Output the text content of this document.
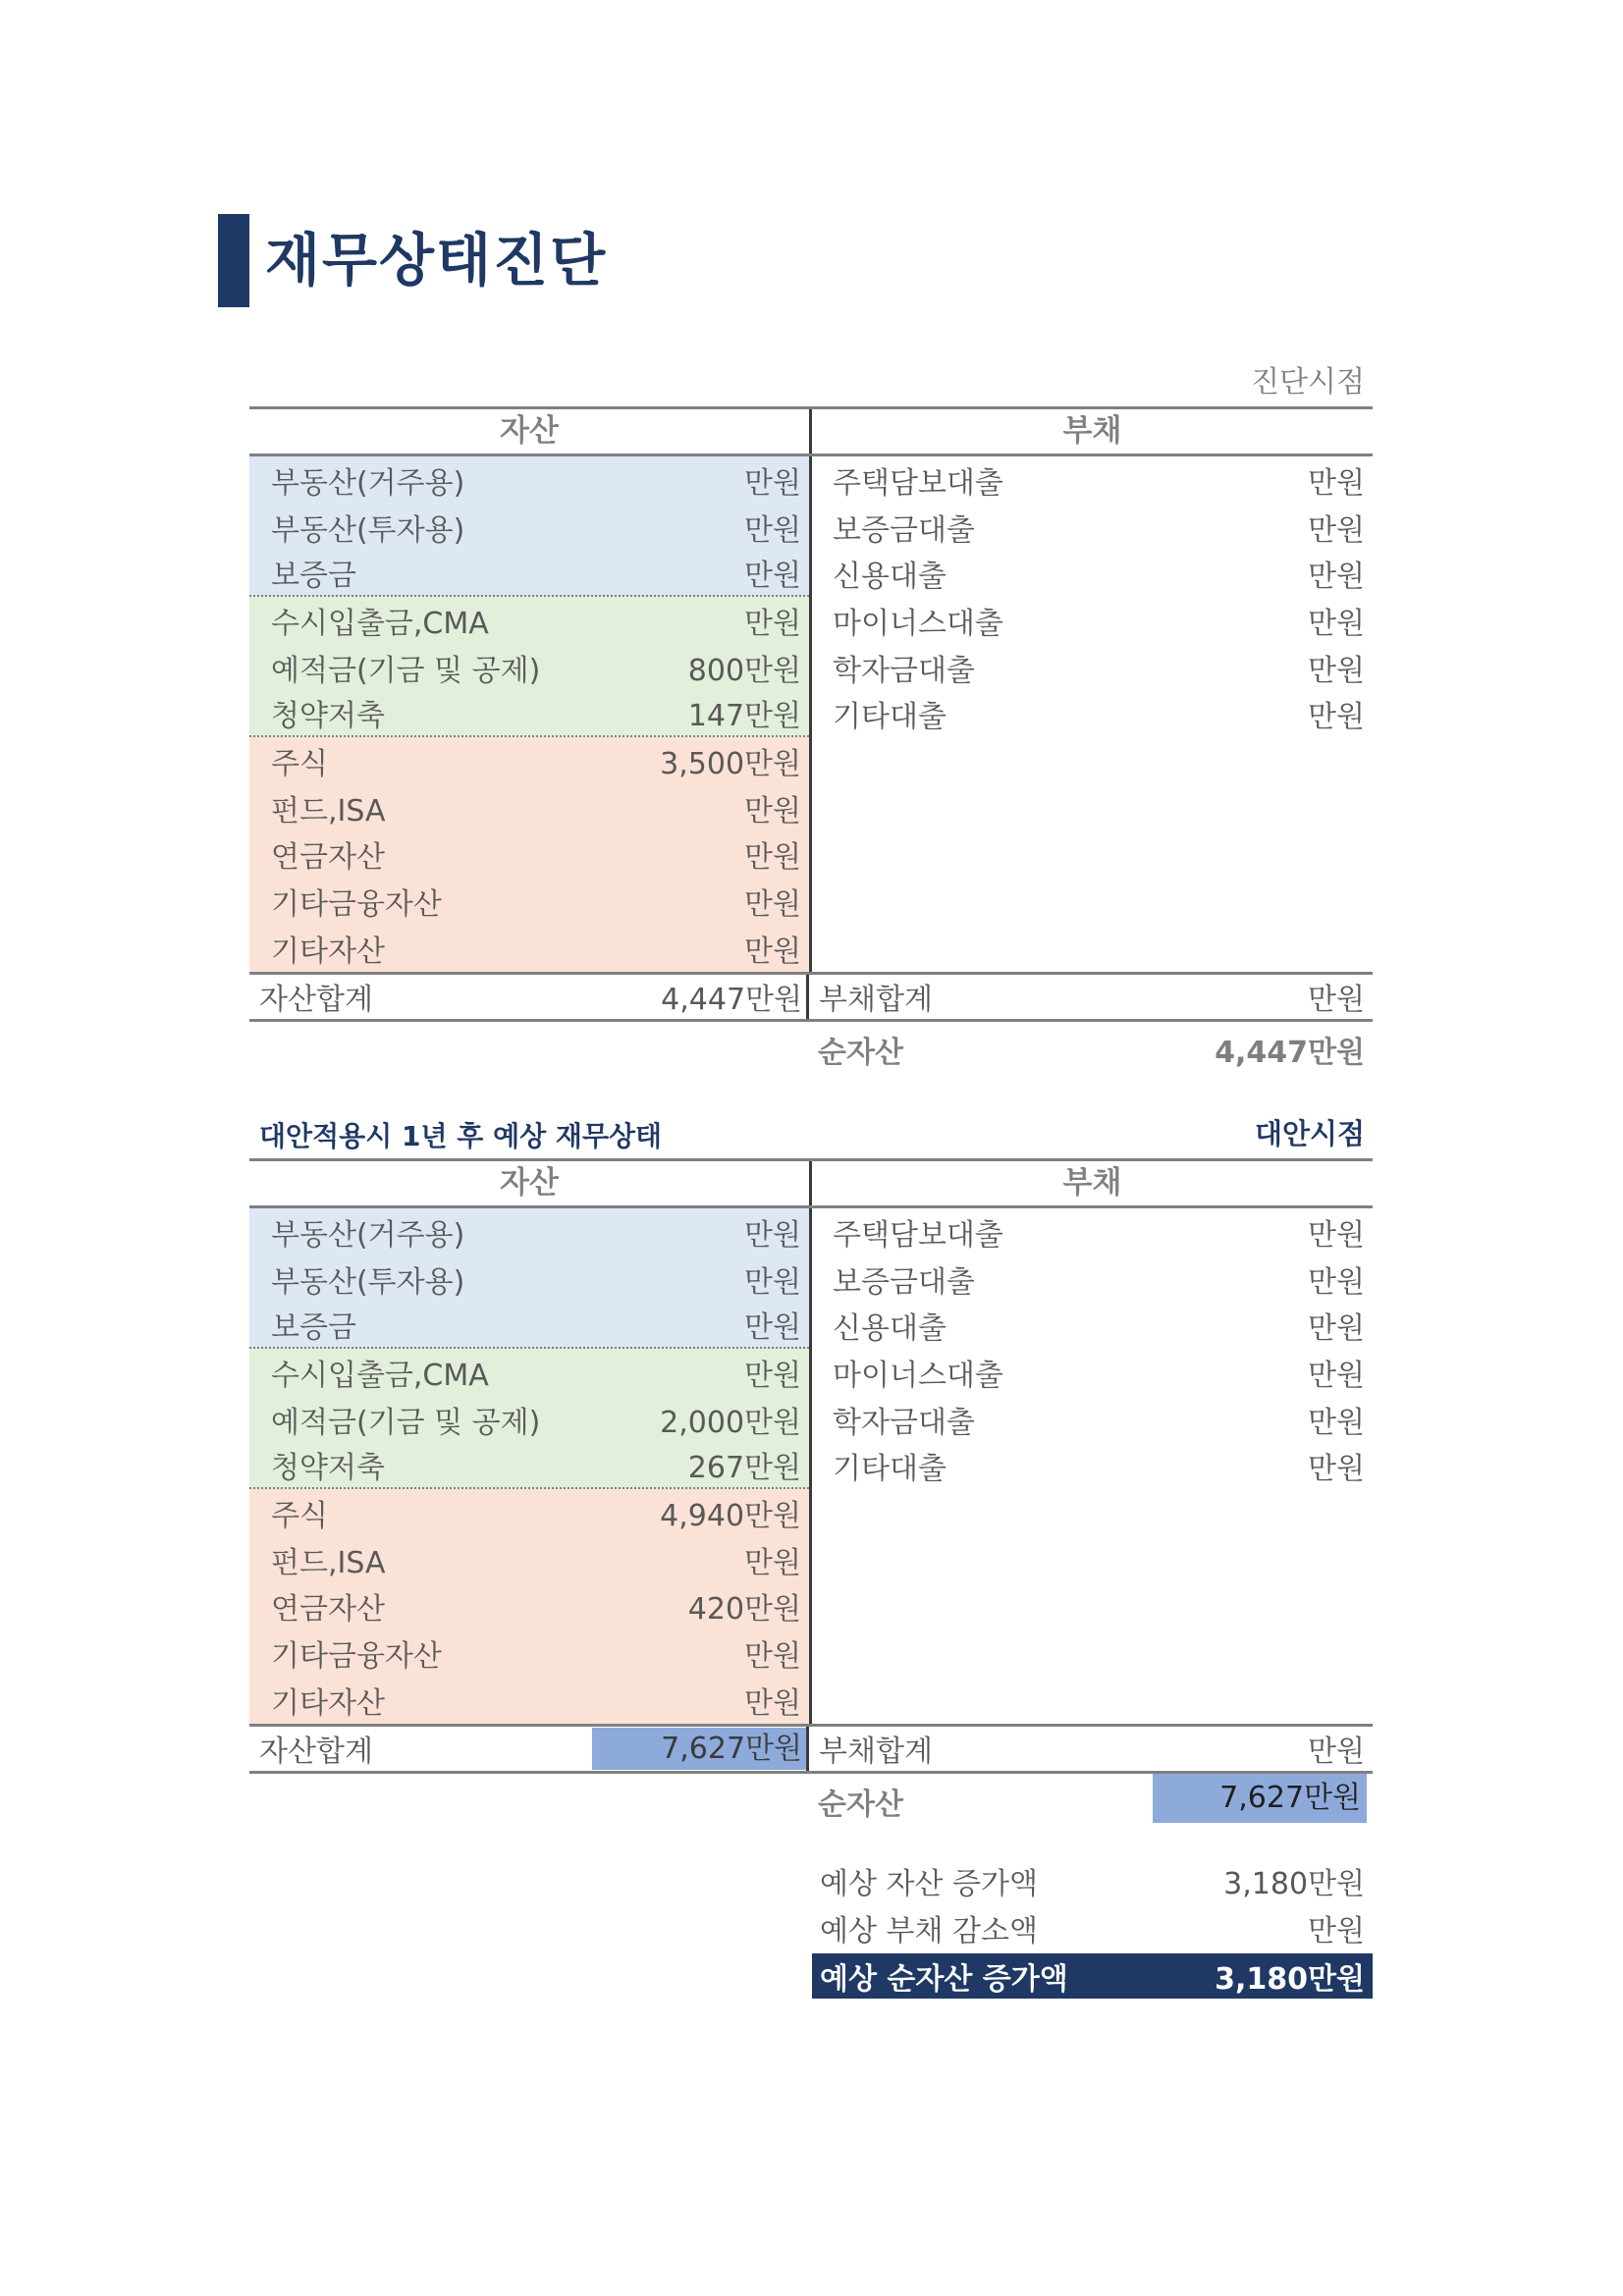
재무상태진단
진단시점
자산	부채
부동산(거주용)	만원
부동산(투자용)	만원
보증금	만원
수시입출금,CMA	만원
예적금(기금 및 공제)	800만원
청약저축	147만원
주식	3,500만원
펀드,ISA	만원
연금자산	만원
기타금융자산	만원
기타자산	만원
주택담보대출	만원
보증금대출	만원
신용대출	만원
마이너스대출	만원
학자금대출	만원
기타대출	만원
자산합계	4,447만원 부채합계	만원
순자산	4,447만원
대안적용시 1년 후 예상 재무상태	대안시점
자산	부채
부동산(거주용)	만원
부동산(투자용)	만원
보증금	만원
수시입출금,CMA	만원
예적금(기금 및 공제)	2,000만원
청약저축	267만원
주식	4,940만원
펀드,ISA	만원
연금자산	420만원
기타금융자산	만원
기타자산	만원
주택담보대출	만원
보증금대출	만원
신용대출	만원
마이너스대출	만원
학자금대출	만원
기타대출	만원
자산합계	7,627만원 부채합계	만원
순자산	7,627만원
예상 자산 증가액	3,180만원
예상 부채 감소액	만원
예상 순자산 증가액	3,180만원
